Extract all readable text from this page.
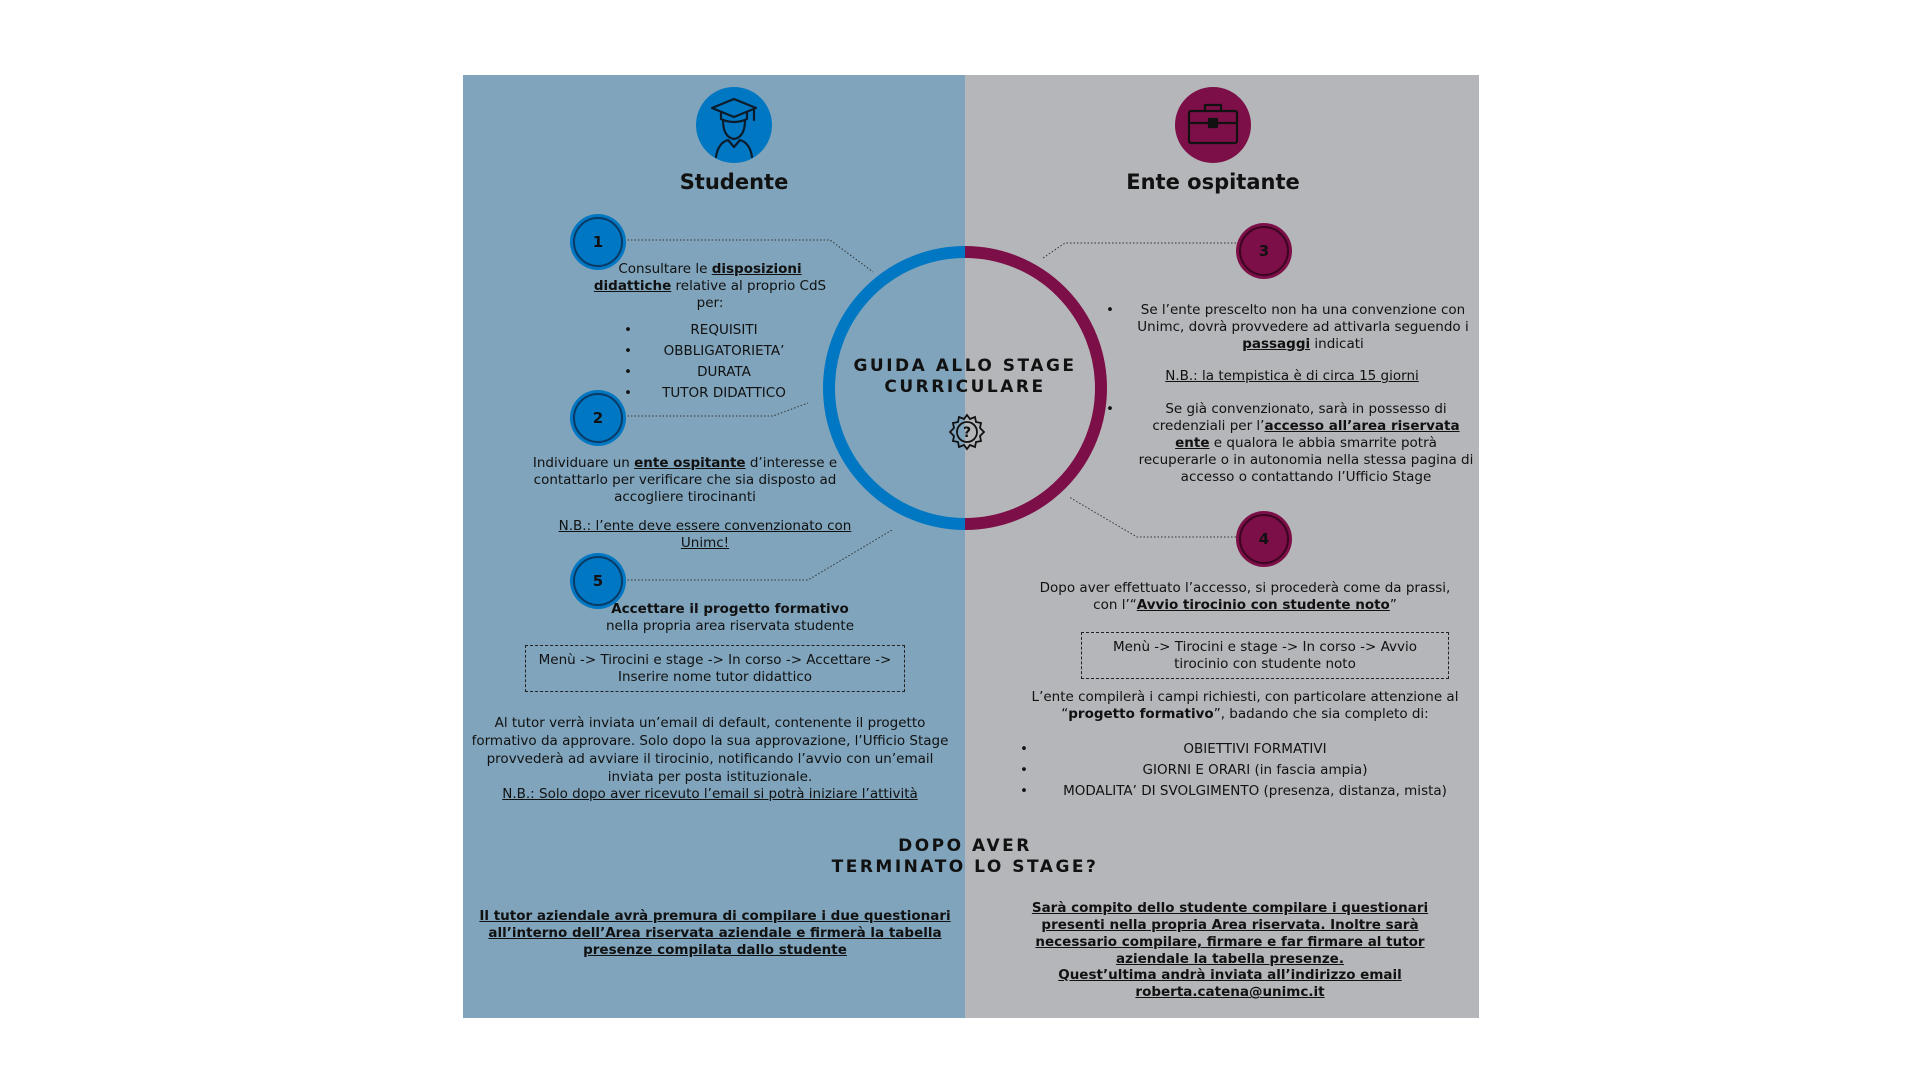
Studente	Ente ospitante
GUIDA ALLO STAGE CURRICULARE
?
1
Consultare le disposizioni didattiche relative al proprio CdS per:
• REQUISITI
• OBBLIGATORIETA’
• DURATA
• TUTOR DIDATTICO
2
Individuare un ente ospitante d’interesse e contattarlo per verificare che sia disposto ad accogliere tirocinanti
N.B.: l’ente deve essere convenzionato con Unimc!
5
Accettare il progetto formativo nella propria area riservata studente
Menù -> Tirocini e stage -> In corso -> Accettare -> Inserire nome tutor didattico
Al tutor verrà inviata un’email di default, contenente il progetto formativo da approvare. Solo dopo la sua approvazione, l’Ufficio Stage provvederà ad avviare il tirocinio, notificando l’avvio con un’email inviata per posta istituzionale.
N.B.: Solo dopo aver ricevuto l’email si potrà iniziare l’attività
3
• Se l’ente prescelto non ha una convenzione con Unimc, dovrà provvedere ad attivarla seguendo i passaggi indicati
N.B.: la tempistica è di circa 15 giorni
• Se già convenzionato, sarà in possesso di credenziali per l’accesso all’area riservata ente e qualora le abbia smarrite potrà recuperarle o in autonomia nella stessa pagina di accesso o contattando l’Ufficio Stage
4
Dopo aver effettuato l’accesso, si procederà come da prassi, con l’“Avvio tirocinio con studente noto”
Menù -> Tirocini e stage -> In corso -> Avvio tirocinio con studente noto
L’ente compilerà i campi richiesti, con particolare attenzione al “progetto formativo”, badando che sia completo di:
• OBIETTIVI FORMATIVI
• GIORNI E ORARI (in fascia ampia)
• MODALITA’ DI SVOLGIMENTO (presenza, distanza, mista)
DOPO AVER TERMINATO LO STAGE?
Il tutor aziendale avrà premura di compilare i due questionari all’interno dell’Area riservata aziendale e firmerà la tabella presenze compilata dallo studente
Sarà compito dello studente compilare i questionari presenti nella propria Area riservata. Inoltre sarà necessario compilare, firmare e far firmare al tutor aziendale la tabella presenze.
Quest’ultima andrà inviata all’indirizzo email roberta.catena@unimc.it
